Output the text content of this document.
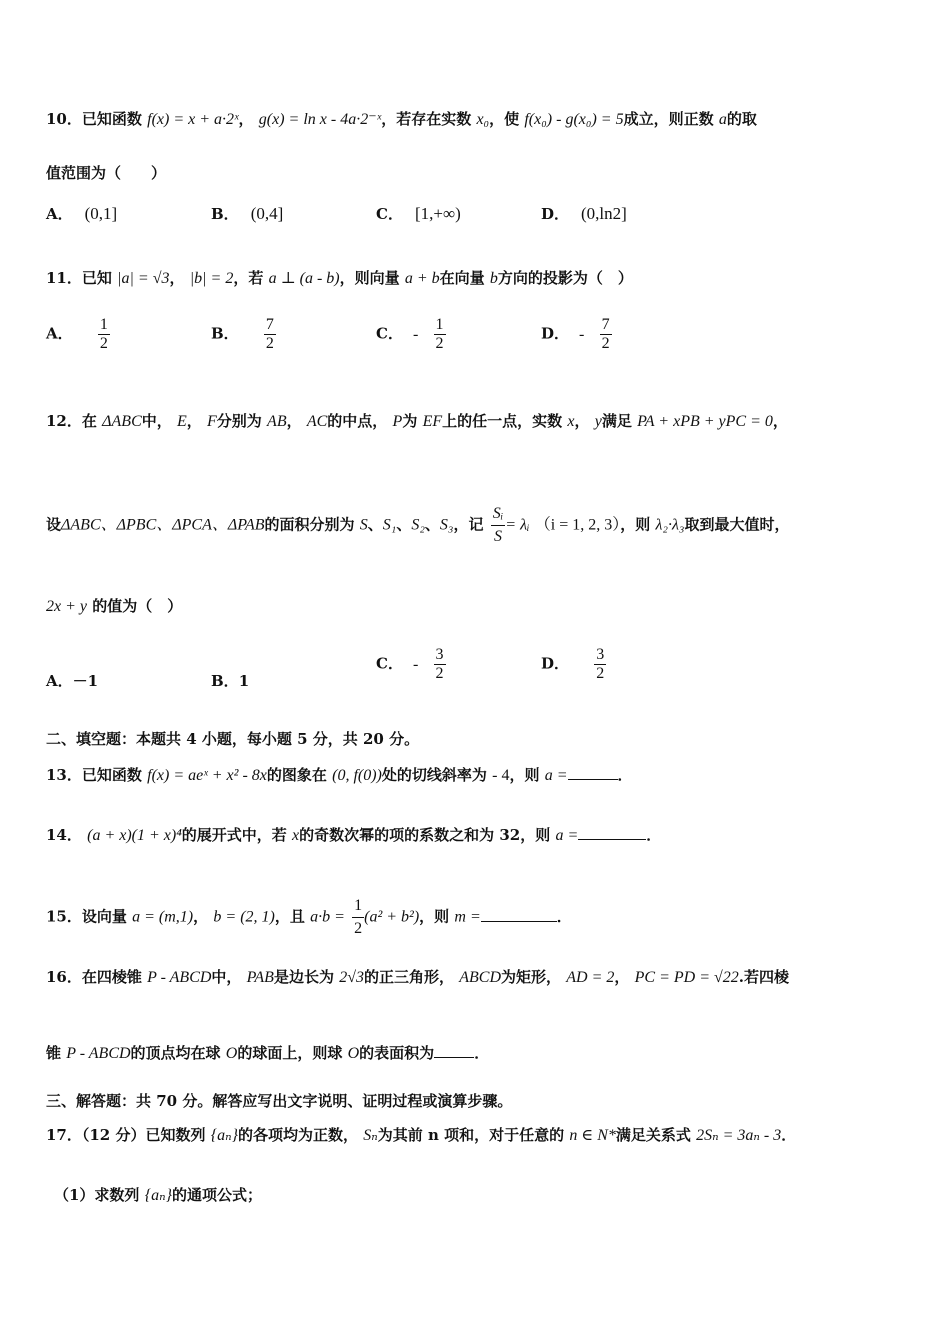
10．已知函数 f(x) = x + a·2ˣ， g(x) = ln x - 4a·2⁻ˣ，若存在实数 x₀，使 f(x₀) - g(x₀) = 5成立，则正数 a的取
值范围为（　　）
A． (0,1]	B． (0,4]	C． [1,+∞)	D． (0,ln2]
11．已知 |a| = √3， |b| = 2，若 a ⊥ (a - b)，则向量 a + b在向量 b方向的投影为（　）
A． $\frac{1}{2}$	B． $\frac{7}{2}$	C． - $\frac{1}{2}$	D． - $\frac{7}{2}$
12．在 ΔABC中， E， F分别为 AB， AC的中点， P为 EF上的任一点，实数 x， y满足 PA + xPB + yPC = 0，
设ΔABC、ΔPBC、ΔPCA、ΔPAB的面积分别为 S、S₁、S₂、S₃，记 $\frac{\text{Sᵢ}}{S}$ = λᵢ （i = 1, 2, 3），则 λ₂·λ₃取到最大值时，
2x + y 的值为（　）
A．－1	B．1
C． - $\frac{3}{2}$	D． $\frac{3}{2}$
二、填空题：本题共 4 小题，每小题 5 分，共 20 分。
13．已知函数 f(x) = aeˣ + x² - 8x的图象在 (0, f(0))处的切线斜率为 - 4，则 a =	．
14． (a + x)(1 + x)⁴的展开式中，若 x的奇数次幂的项的系数之和为 32，则 a =	．
15．设向量 a = (m,1)， b = (2, 1)，且 $a\cdot b = \frac{1}{2} (a^2 + b^2)$，则 m =	．
16．在四棱锥 P - ABCD中， PAB是边长为 2√3的正三角形， ABCD为矩形， AD = 2， PC = PD = √22.若四棱
锥 P - ABCD的顶点均在球 O的球面上，则球 O的表面积为	．
三、解答题：共 70 分。解答应写出文字说明、证明过程或演算步骤。
17．（12 分）已知数列 {aₙ}的各项均为正数， Sₙ为其前 n 项和，对于任意的 n ∈ N*满足关系式 2Sₙ = 3aₙ - 3．
（1）求数列 {aₙ}的通项公式；
